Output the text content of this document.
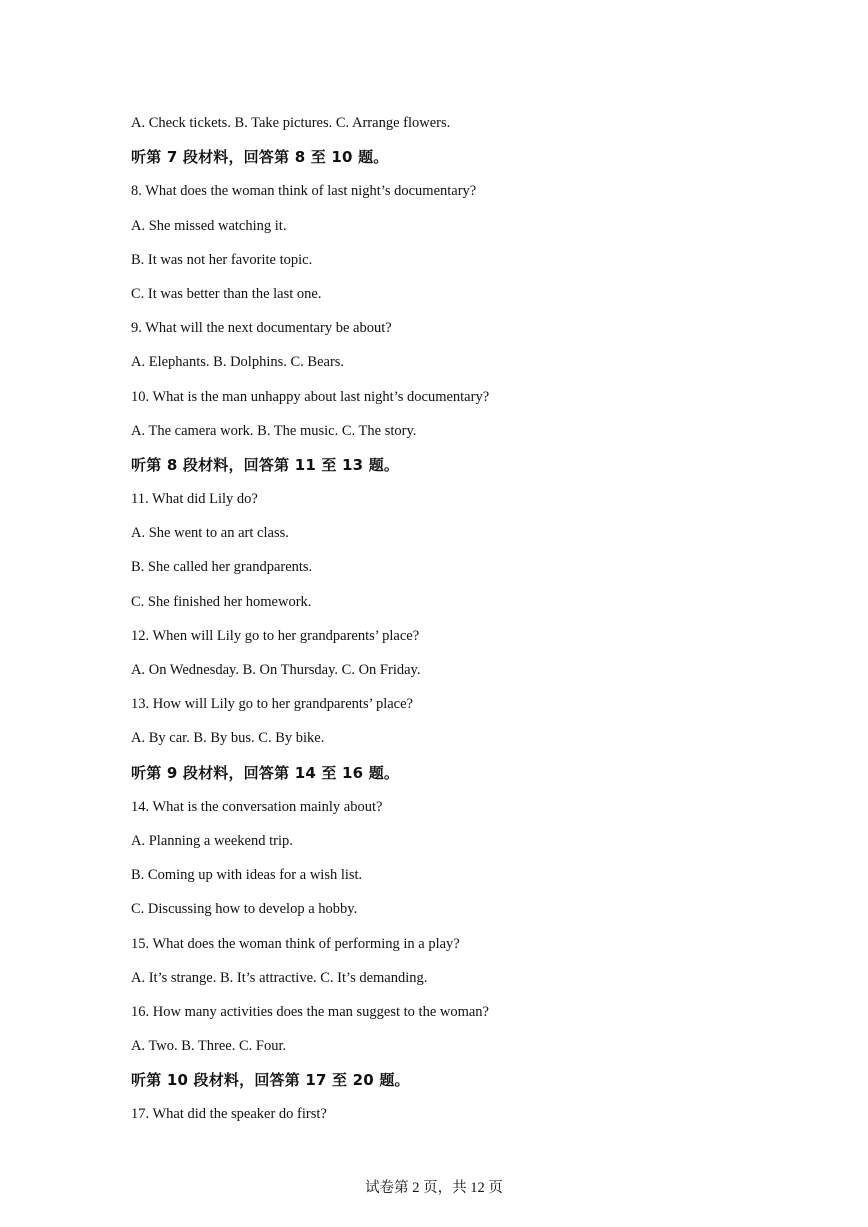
A. Check tickets. B. Take pictures. C. Arrange flowers.
听第 7 段材料，回答第 8 至 10 题。
8. What does the woman think of last night’s documentary?
A. She missed watching it.
B. It was not her favorite topic.
C. It was better than the last one.
9. What will the next documentary be about?
A. Elephants. B. Dolphins. C. Bears.
10. What is the man unhappy about last night’s documentary?
A. The camera work. B. The music. C. The story.
听第 8 段材料，回答第 11 至 13 题。
11. What did Lily do?
A. She went to an art class.
B. She called her grandparents.
C. She finished her homework.
12. When will Lily go to her grandparents’ place?
A. On Wednesday. B. On Thursday. C. On Friday.
13. How will Lily go to her grandparents’ place?
A. By car. B. By bus. C. By bike.
听第 9 段材料，回答第 14 至 16 题。
14. What is the conversation mainly about?
A. Planning a weekend trip.
B. Coming up with ideas for a wish list.
C. Discussing how to develop a hobby.
15. What does the woman think of performing in a play?
A. It’s strange. B. It’s attractive. C. It’s demanding.
16. How many activities does the man suggest to the woman?
A. Two. B. Three. C. Four.
听第 10 段材料，回答第 17 至 20 题。
17. What did the speaker do first?
试卷第 2 页，共 12 页
